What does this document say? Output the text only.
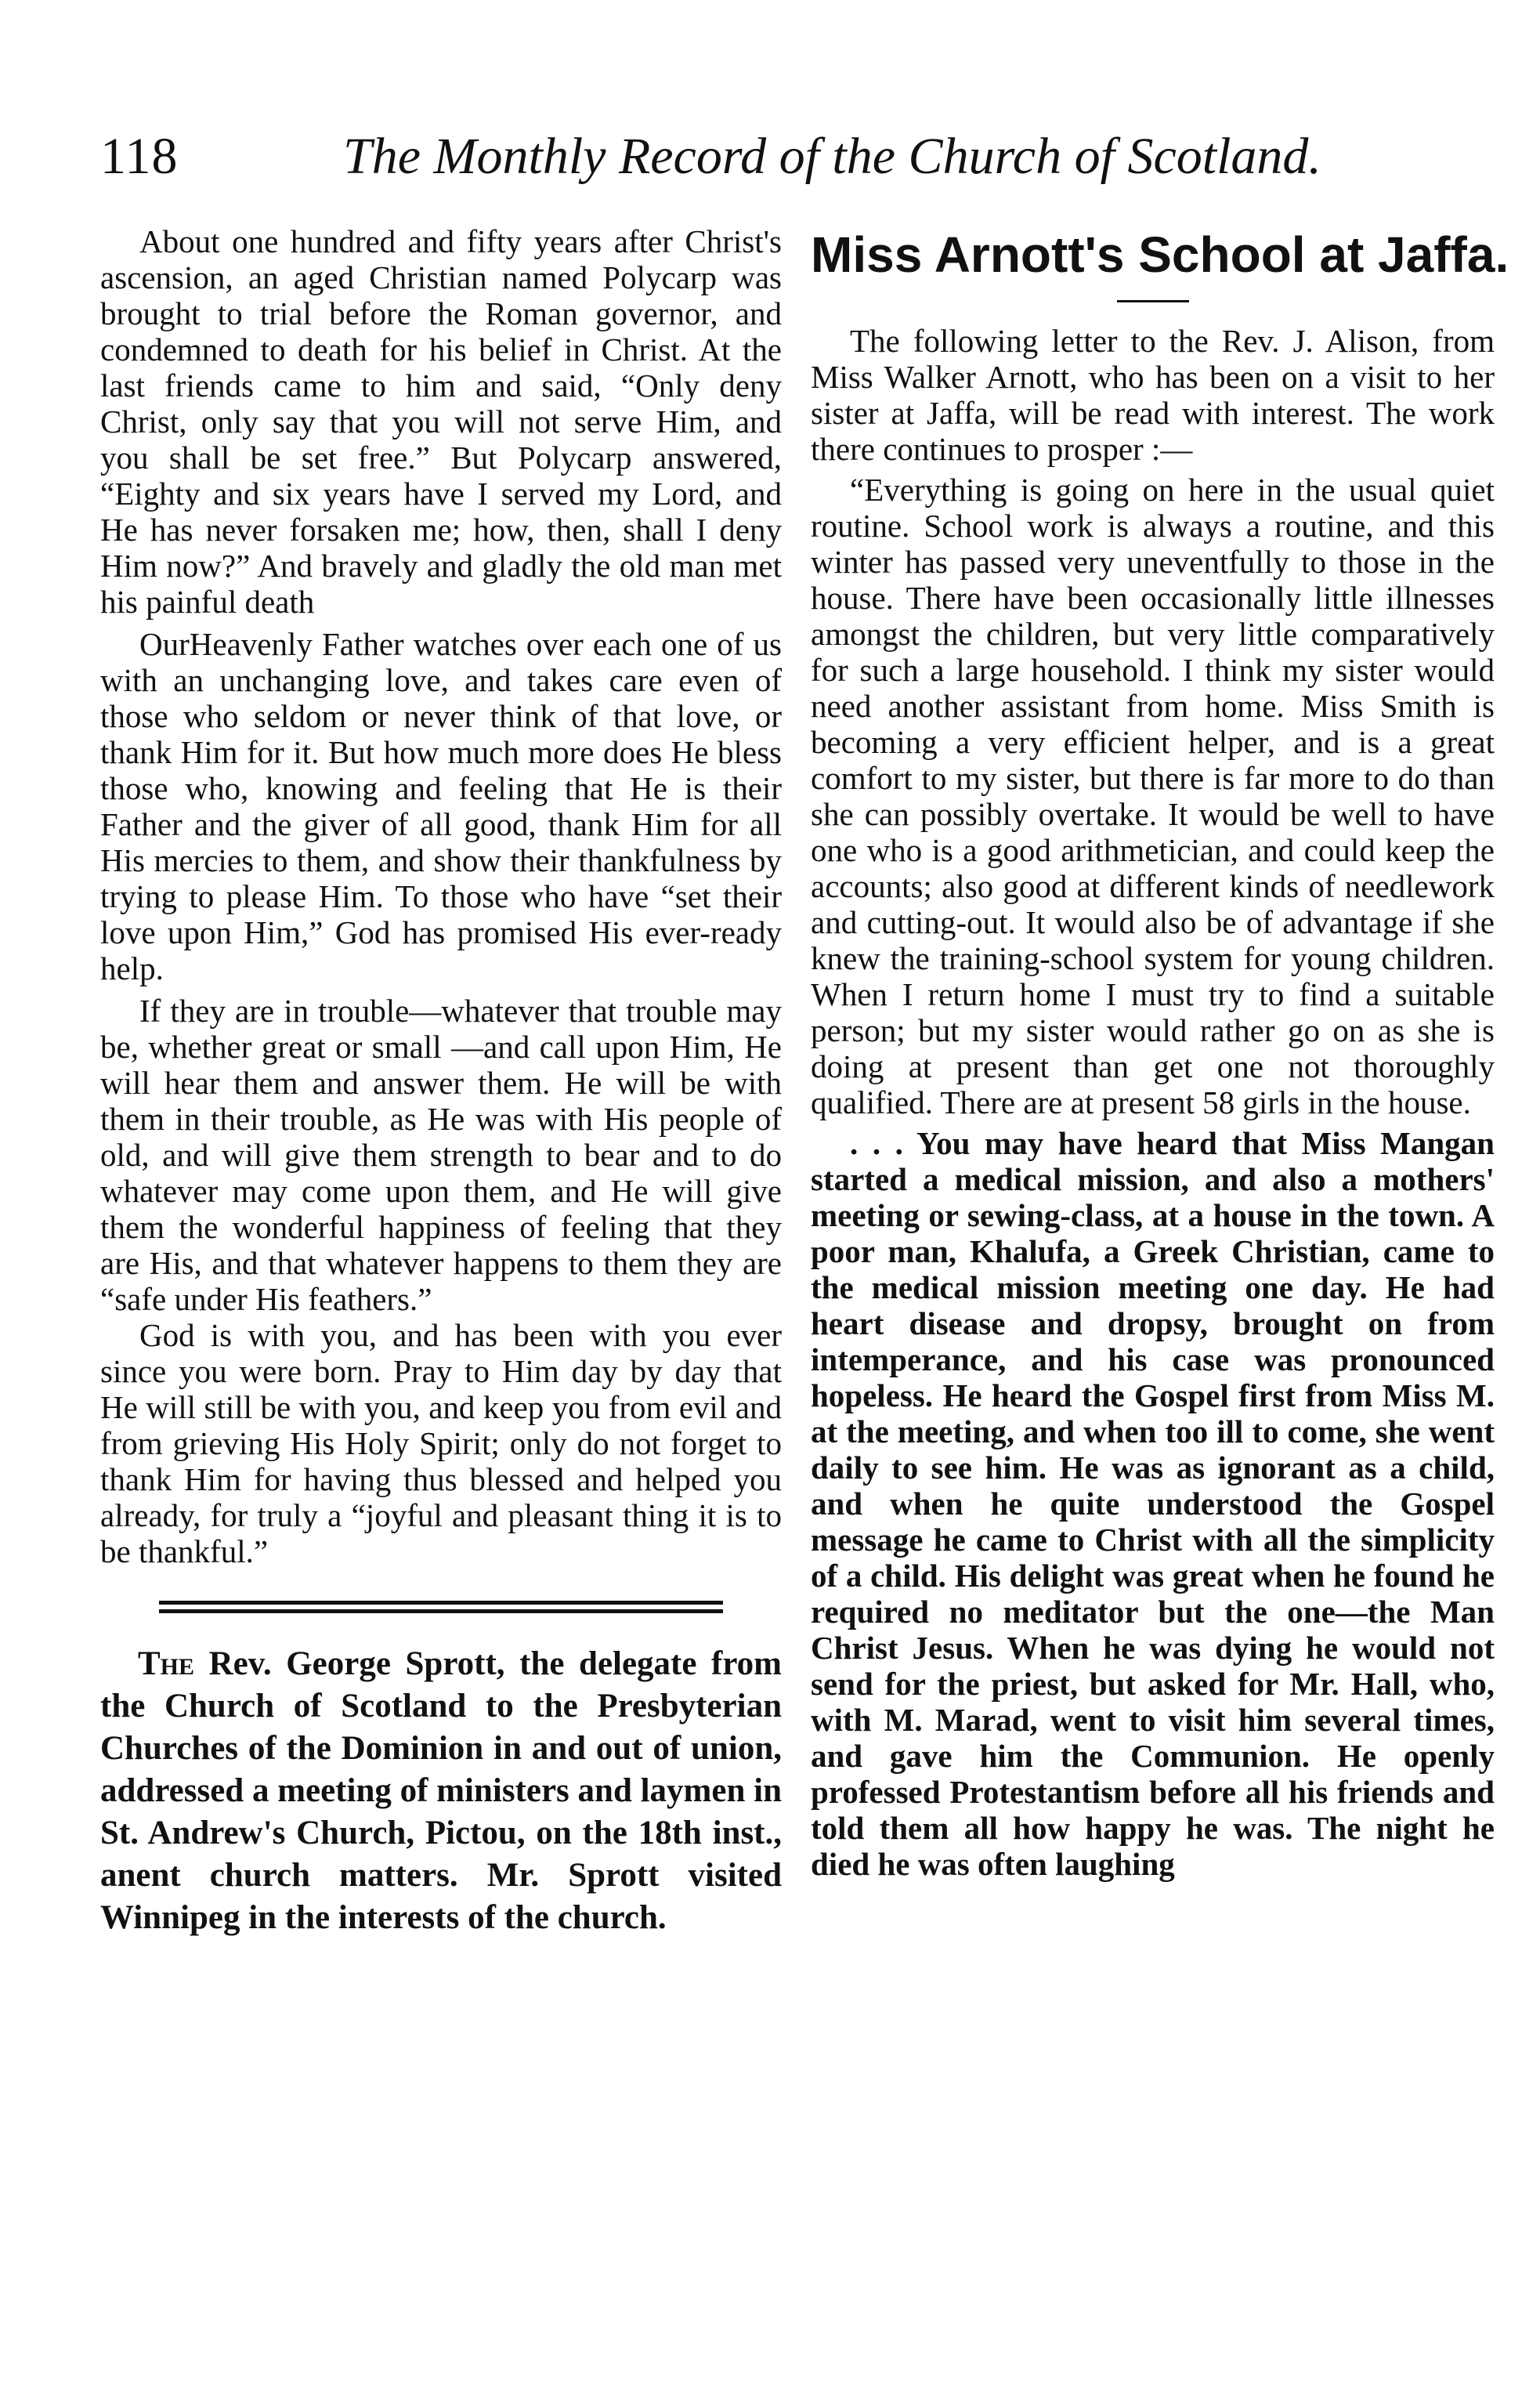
118	The Monthly Record of the Church of Scotland.

About one hundred and fifty years after Christ's ascension, an aged Christian named Polycarp was brought to trial before the Roman governor, and condemned to death for his belief in Christ. At the last friends came to him and said, “Only deny Christ, only say that you will not serve Him, and you shall be set free.” But Polycarp answered, “Eighty and six years have I served my Lord, and He has never forsaken me; how, then, shall I deny Him now?” And bravely and gladly the old man met his painful death

OurHeavenly Father watches over each one of us with an unchanging love, and takes care even of those who seldom or never think of that love, or thank Him for it. But how much more does He bless those who, knowing and feeling that He is their Father and the giver of all good, thank Him for all His mercies to them, and show their thankfulness by trying to please Him. To those who have “set their love upon Him,” God has promised His ever-ready help.

If they are in trouble—whatever that trouble may be, whether great or small —and call upon Him, He will hear them and answer them. He will be with them in their trouble, as He was with His people of old, and will give them strength to bear and to do whatever may come upon them, and He will give them the wonderful happiness of feeling that they are His, and that whatever happens to them they are “safe under His feathers.”

God is with you, and has been with you ever since you were born. Pray to Him day by day that He will still be with you, and keep you from evil and from grieving His Holy Spirit; only do not forget to thank Him for having thus blessed and helped you already, for truly a “joyful and pleasant thing it is to be thankful.”

The Rev. George Sprott, the delegate from the Church of Scotland to the Presbyterian Churches of the Dominion in and out of union, addressed a meeting of ministers and laymen in St. Andrew's Church, Pictou, on the 18th inst., anent church matters. Mr. Sprott visited Winnipeg in the interests of the church.

Miss Arnott's School at Jaffa.

The following letter to the Rev. J. Alison, from Miss Walker Arnott, who has been on a visit to her sister at Jaffa, will be read with interest. The work there continues to prosper :—

“Everything is going on here in the usual quiet routine. School work is always a routine, and this winter has passed very uneventfully to those in the house. There have been occasionally little illnesses amongst the children, but very little comparatively for such a large household. I think my sister would need another assistant from home. Miss Smith is becoming a very efficient helper, and is a great comfort to my sister, but there is far more to do than she can possibly overtake. It would be well to have one who is a good arithmetician, and could keep the accounts; also good at different kinds of needlework and cutting-out. It would also be of advantage if she knew the training-school system for young children. When I return home I must try to find a suitable person; but my sister would rather go on as she is doing at present than get one not thoroughly qualified. There are at present 58 girls in the house.

. . . You may have heard that Miss Mangan started a medical mission, and also a mothers' meeting or sewing-class, at a house in the town. A poor man, Khalufa, a Greek Christian, came to the medical mission meeting one day. He had heart disease and dropsy, brought on from intemperance, and his case was pronounced hopeless. He heard the Gospel first from Miss M. at the meeting, and when too ill to come, she went daily to see him. He was as ignorant as a child, and when he quite understood the Gospel message he came to Christ with all the simplicity of a child. His delight was great when he found he required no meditator but the one—the Man Christ Jesus. When he was dying he would not send for the priest, but asked for Mr. Hall, who, with M. Marad, went to visit him several times, and gave him the Communion. He openly professed Protestantism before all his friends and told them all how happy he was. The night he died he was often laughing
